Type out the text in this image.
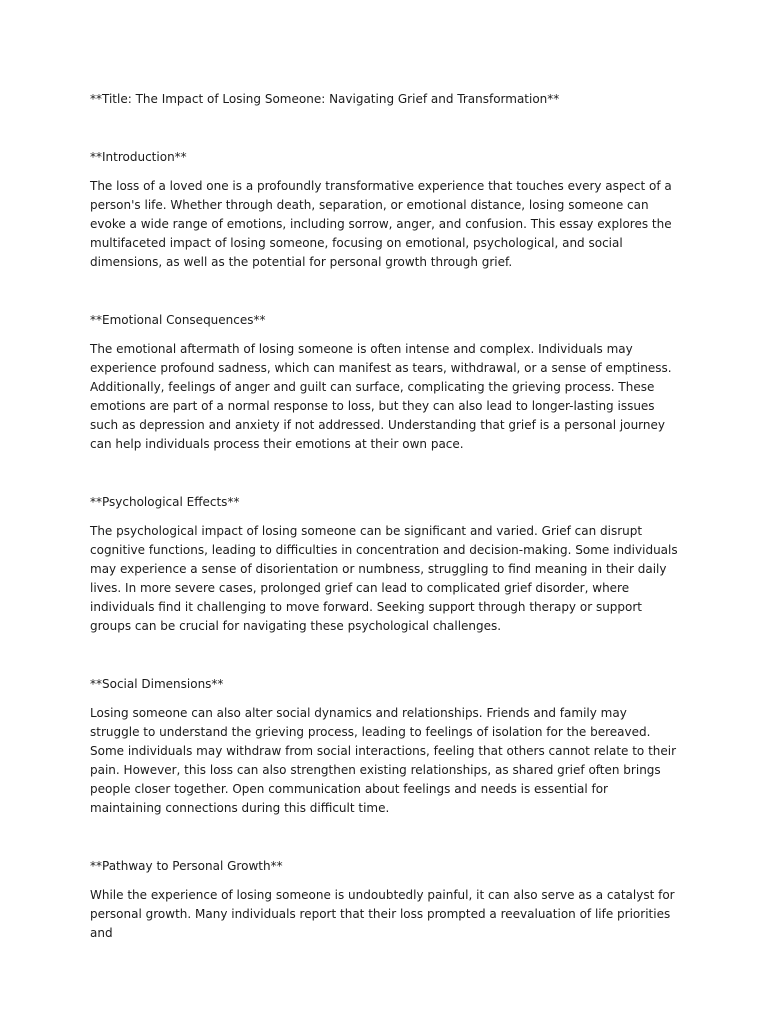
**Title: The Impact of Losing Someone: Navigating Grief and Transformation**

**Introduction**

The loss of a loved one is a profoundly transformative experience that touches every aspect of a person's life. Whether through death, separation, or emotional distance, losing someone can evoke a wide range of emotions, including sorrow, anger, and confusion. This essay explores the multifaceted impact of losing someone, focusing on emotional, psychological, and social dimensions, as well as the potential for personal growth through grief.

**Emotional Consequences**

The emotional aftermath of losing someone is often intense and complex. Individuals may experience profound sadness, which can manifest as tears, withdrawal, or a sense of emptiness. Additionally, feelings of anger and guilt can surface, complicating the grieving process. These emotions are part of a normal response to loss, but they can also lead to longer-lasting issues such as depression and anxiety if not addressed. Understanding that grief is a personal journey can help individuals process their emotions at their own pace.

**Psychological Effects**

The psychological impact of losing someone can be significant and varied. Grief can disrupt cognitive functions, leading to difficulties in concentration and decision-making. Some individuals may experience a sense of disorientation or numbness, struggling to find meaning in their daily lives. In more severe cases, prolonged grief can lead to complicated grief disorder, where individuals find it challenging to move forward. Seeking support through therapy or support groups can be crucial for navigating these psychological challenges.

**Social Dimensions**

Losing someone can also alter social dynamics and relationships. Friends and family may struggle to understand the grieving process, leading to feelings of isolation for the bereaved. Some individuals may withdraw from social interactions, feeling that others cannot relate to their pain. However, this loss can also strengthen existing relationships, as shared grief often brings people closer together. Open communication about feelings and needs is essential for maintaining connections during this difficult time.

**Pathway to Personal Growth**

While the experience of losing someone is undoubtedly painful, it can also serve as a catalyst for personal growth. Many individuals report that their loss prompted a reevaluation of life priorities and
